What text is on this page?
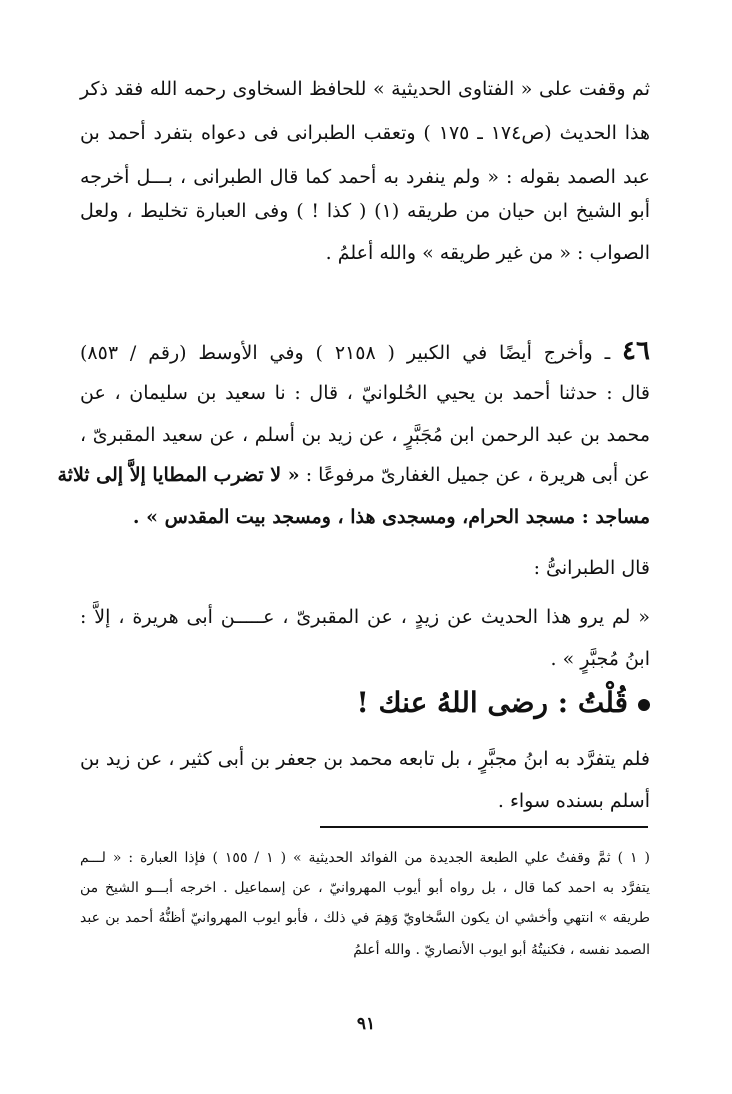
ثم وقفت على « الفتاوى الحديثية » للحافظ السخاوى رحمه الله فقد ذكر
هذا الحديث (ص١٧٤ ـ ١٧٥ ) وتعقب الطبرانى فى دعواه بتفرد أحمد بن
عبد الصمد بقوله : « ولم ينفرد به أحمد كما قال الطبرانى ، بـــل أخرجه
أبو الشيخ ابن حيان من طريقه (١) ( كذا ! ) وفى العبارة تخليط ، ولعل
الصواب : « من غير طريقه » والله أعلمُ .
٤٦ ـ وأخرج أيضًا في الكبير ( ٢١٥٨ ) وفي الأوسط (رقم / ٨٥٣)
قال : حدثنا أحمد بن يحيي الحُلوانيّ ، قال : نا سعيد بن سليمان ، عن
محمد بن عبد الرحمن ابن مُجَبَّرٍ ، عن زيد بن أسلم ، عن سعيد المقبرىّ ،
عن أبى هريرة ، عن جميل الغفارىّ مرفوعًا : « لا تضرب المطايا إلاَّ إلى ثلاثة
مساجد : مسجد الحرام، ومسجدى هذا ، ومسجد بيت المقدس » .
قال الطبرانىُّ :
« لم يرو هذا الحديث عن زيدٍ ، عن المقبرىّ ، عـــــن أبى هريرة ، إلاَّ :
ابنُ مُجبَّرٍ » .
قُلْتُ : رضى اللهُ عنك !
فلم يتفرَّد به ابنُ مجبَّرٍ ، بل تابعه محمد بن جعفر بن أبى كثير ، عن زيد بن
أسلم بسنده سواء .
( ١ ) ثمَّ وقفتُ علي الطبعة الجديدة من الفوائد الحديثية » ( ١ / ١٥٥ ) فإذا العبارة : « لـــم
يتفرَّد به احمد كما قال ، بل رواه أبو أيوب المهروانيّ ، عن إسماعيل . اخرجه أبـــو الشيخ من
طريقه » انتهي وأخشي ان يكون السَّخاويّ وَهِمَ في ذلك ، فأبو ايوب المهروانيّ أظنُّهُ أحمد بن عبد
الصمد نفسه ، فكنيتُهُ أبو ايوب الأنصاريّ . والله أعلمُ
٩١
